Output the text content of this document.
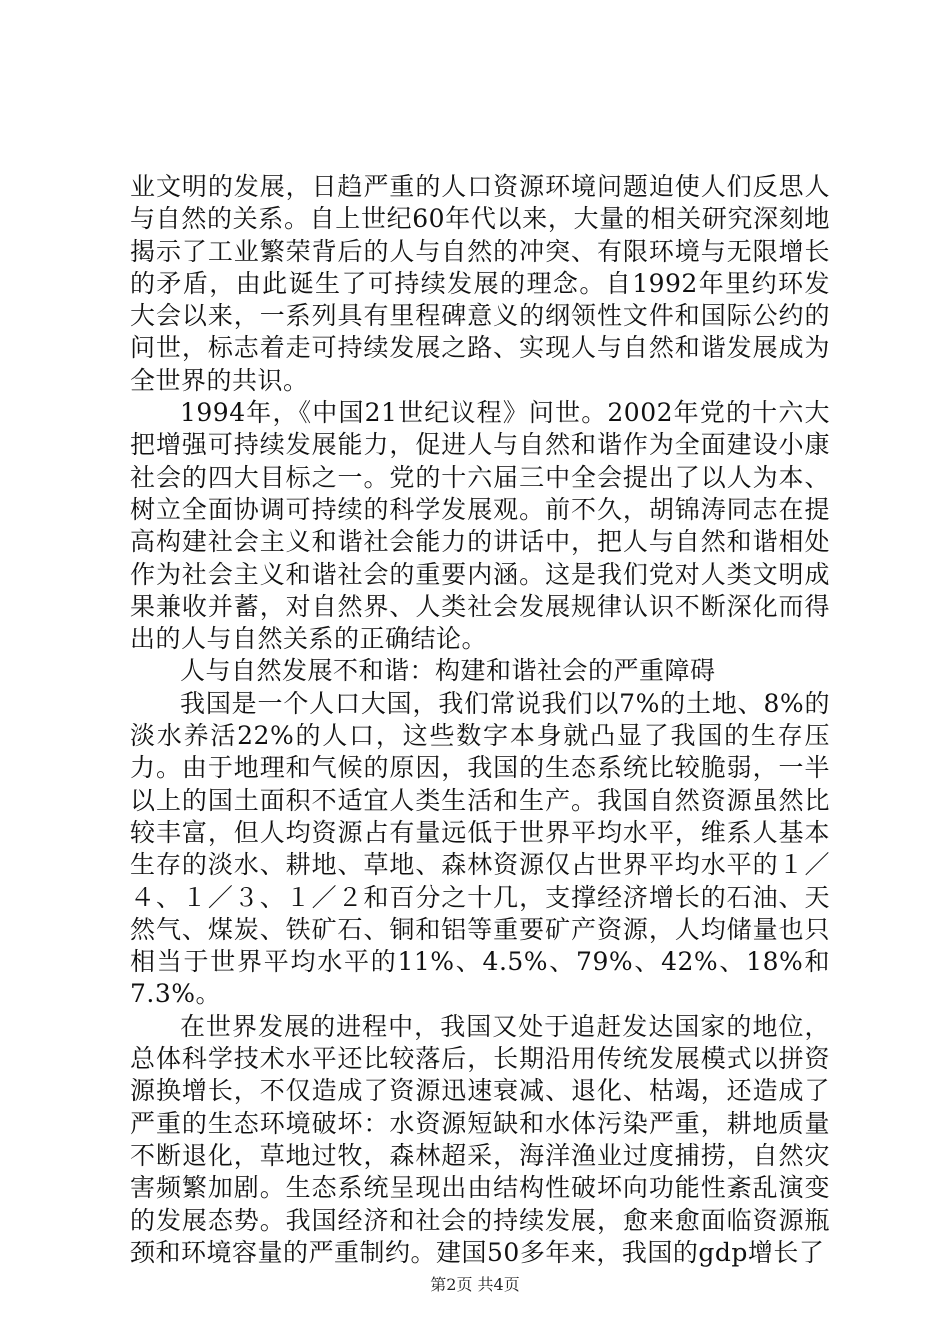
业文明的发展，日趋严重的人口资源环境问题迫使人们反思人与自然的关系。自上世纪60年代以来，大量的相关研究深刻地揭示了工业繁荣背后的人与自然的冲突、有限环境与无限增长的矛盾，由此诞生了可持续发展的理念。自1992年里约环发大会以来，一系列具有里程碑意义的纲领性文件和国际公约的问世，标志着走可持续发展之路、实现人与自然和谐发展成为全世界的共识。

1994年，《中国21世纪议程》问世。2002年党的十六大把增强可持续发展能力，促进人与自然和谐作为全面建设小康社会的四大目标之一。党的十六届三中全会提出了以人为本、树立全面协调可持续的科学发展观。前不久，胡锦涛同志在提高构建社会主义和谐社会能力的讲话中，把人与自然和谐相处作为社会主义和谐社会的重要内涵。这是我们党对人类文明成果兼收并蓄，对自然界、人类社会发展规律认识不断深化而得出的人与自然关系的正确结论。

人与自然发展不和谐：构建和谐社会的严重障碍

我国是一个人口大国，我们常说我们以7%的土地、8%的淡水养活22%的人口，这些数字本身就凸显了我国的生存压力。由于地理和气候的原因，我国的生态系统比较脆弱，一半以上的国土面积不适宜人类生活和生产。我国自然资源虽然比较丰富，但人均资源占有量远低于世界平均水平，维系人基本生存的淡水、耕地、草地、森林资源仅占世界平均水平的１／４、１／３、１／２和百分之十几，支撑经济增长的石油、天然气、煤炭、铁矿石、铜和铝等重要矿产资源，人均储量也只相当于世界平均水平的11%、4.5%、79%、42%、18%和7.3%。

在世界发展的进程中，我国又处于追赶发达国家的地位，总体科学技术水平还比较落后，长期沿用传统发展模式以拼资源换增长，不仅造成了资源迅速衰减、退化、枯竭，还造成了严重的生态环境破坏：水资源短缺和水体污染严重，耕地质量不断退化，草地过牧，森林超采，海洋渔业过度捕捞，自然灾害频繁加剧。生态系统呈现出由结构性破坏向功能性紊乱演变的发展态势。我国经济和社会的持续发展，愈来愈面临资源瓶颈和环境容量的严重制约。建国50多年来，我国的gdp增长了

第2页 共4页
